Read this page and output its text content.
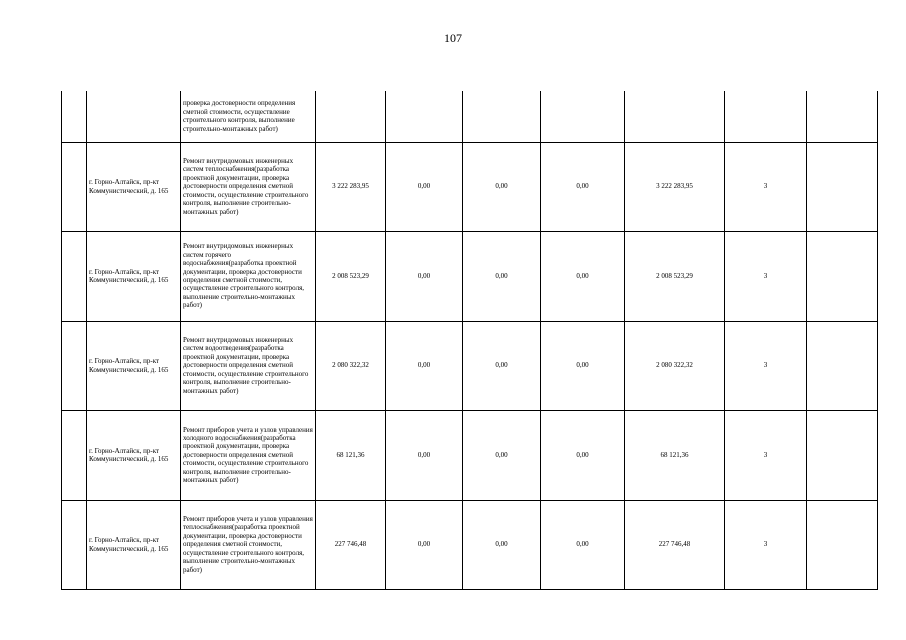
107
		проверка достоверности определения сметной стоимости, осуществление строительного контроля, выполнение строительно-монтажных работ)							
	г. Горно-Алтайск, пр-кт Коммунистический, д. 165	Ремонт внутридомовых инженерных систем теплоснабжения(разработка проектной документации, проверка достоверности определения сметной стоимости, осуществление строительного контроля, выполнение строительно-монтажных работ)	3 222 283,95	0,00	0,00	0,00	3 222 283,95	3	
	г. Горно-Алтайск, пр-кт Коммунистический, д. 165	Ремонт внутридомовых инженерных систем горячего водоснабжения(разработка проектной документации, проверка достоверности определения сметной стоимости, осуществление строительного контроля, выполнение строительно-монтажных работ)	2 008 523,29	0,00	0,00	0,00	2 008 523,29	3	
	г. Горно-Алтайск, пр-кт Коммунистический, д. 165	Ремонт внутридомовых инженерных систем водоотведения(разработка проектной документации, проверка достоверности определения сметной стоимости, осуществление строительного контроля, выполнение строительно-монтажных работ)	2 080 322,32	0,00	0,00	0,00	2 080 322,32	3	
	г. Горно-Алтайск, пр-кт Коммунистический, д. 165	Ремонт приборов учета и узлов управления холодного водоснабжения(разработка проектной документации, проверка достоверности определения сметной стоимости, осуществление строительного контроля, выполнение строительно-монтажных работ)	68 121,36	0,00	0,00	0,00	68 121,36	3	
	г. Горно-Алтайск, пр-кт Коммунистический, д. 165	Ремонт приборов учета и узлов управления теплоснабжения(разработка проектной документации, проверка достоверности определения сметной стоимости, осуществление строительного контроля, выполнение строительно-монтажных работ)	227 746,48	0,00	0,00	0,00	227 746,48	3	
